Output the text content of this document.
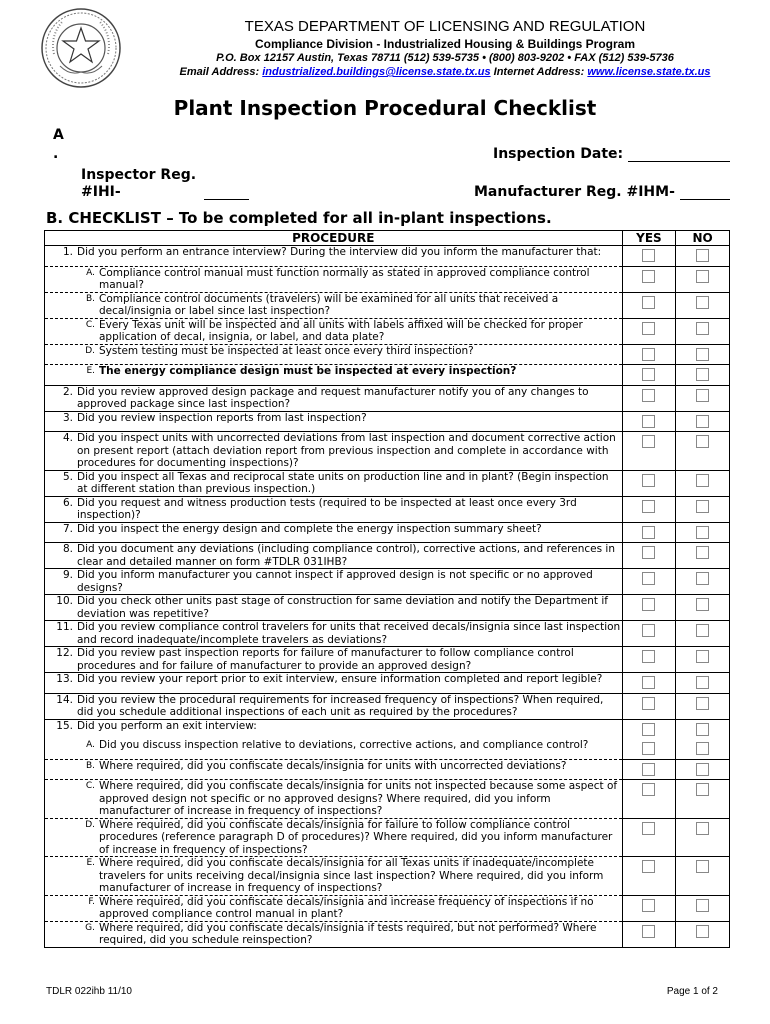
TEXAS DEPARTMENT OF LICENSING AND REGULATION
Compliance Division - Industrialized Housing & Buildings Program
P.O. Box 12157 Austin, Texas 78711 (512) 539-5735 • (800) 803-9202 • FAX (512) 539-5736
Email Address: industrialized.buildings@license.state.tx.us Internet Address: www.license.state.tx.us
Plant Inspection Procedural Checklist
A
.	Inspection Date:
Inspector Reg.
#IHI-	Manufacturer Reg. #IHM-
B. CHECKLIST – To be completed for all in-plant inspections.
PROCEDURE	YES	NO

1. Did you perform an entrance interview? During the interview did you inform the manufacturer that:		

A. Compliance control manual must function normally as stated in approved compliance control manual?		

B. Compliance control documents (travelers) will be examined for all units that received a decal/insignia or label since last inspection?		

C. Every Texas unit will be inspected and all units with labels affixed will be checked for proper application of decal, insignia, or label, and data plate?		

D. System testing must be inspected at least once every third inspection?		

E. The energy compliance design must be inspected at every inspection?		

2. Did you review approved design package and request manufacturer notify you of any changes to approved package since last inspection?		

3. Did you review inspection reports from last inspection?		

4. Did you inspect units with uncorrected deviations from last inspection and document corrective action on present report (attach deviation report from previous inspection and complete in accordance with procedures for documenting inspections)?		

5. Did you inspect all Texas and reciprocal state units on production line and in plant? (Begin inspection at different station than previous inspection.)		

6. Did you request and witness production tests (required to be inspected at least once every 3rd inspection)?		

7. Did you inspect the energy design and complete the energy inspection summary sheet?		

8. Did you document any deviations (including compliance control), corrective actions, and references in clear and detailed manner on form #TDLR 031IHB?		

9. Did you inform manufacturer you cannot inspect if approved design is not specific or no approved designs?		

10. Did you check other units past stage of construction for same deviation and notify the Department if deviation was repetitive?		

11. Did you review compliance control travelers for units that received decals/insignia since last inspection and record inadequate/incomplete travelers as deviations?		

12. Did you review past inspection reports for failure of manufacturer to follow compliance control procedures and for failure of manufacturer to provide an approved design?		

13. Did you review your report prior to exit interview, ensure information completed and report legible?		

14. Did you review the procedural requirements for increased frequency of inspections? When required, did you schedule additional inspections of each unit as required by the procedures?		

15. Did you perform an exit interview:		

A. Did you discuss inspection relative to deviations, corrective actions, and compliance control?		

B. Where required, did you confiscate decals/insignia for units with uncorrected deviations?		

C. Where required, did you confiscate decals/insignia for units not inspected because some aspect of approved design not specific or no approved designs? Where required, did you inform manufacturer of increase in frequency of inspections?		

D. Where required, did you confiscate decals/insignia for failure to follow compliance control procedures (reference paragraph D of procedures)? Where required, did you inform manufacturer of increase in frequency of inspections?		

E. Where required, did you confiscate decals/insignia for all Texas units if inadequate/incomplete travelers for units receiving decal/insignia since last inspection? Where required, did you inform manufacturer of increase in frequency of inspections?		

F. Where required, did you confiscate decals/insignia and increase frequency of inspections if no approved compliance control manual in plant?		

G. Where required, did you confiscate decals/insignia if tests required, but not performed? Where required, did you schedule reinspection?		

TDLR 022ihb 11/10	Page 1 of 2
